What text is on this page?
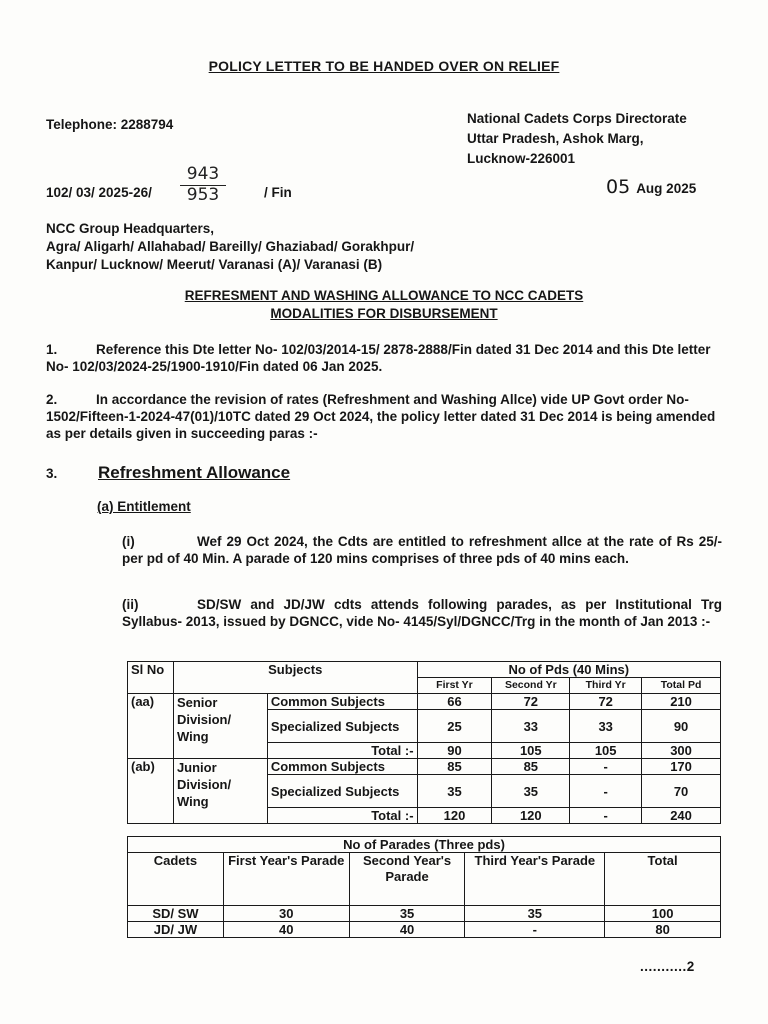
POLICY LETTER TO BE HANDED OVER ON RELIEF
Telephone: 2288794	National Cadets Corps Directorate
Uttar Pradesh, Ashok Marg,
Lucknow-226001
102/ 03/ $2025-26/ \frac{943}{953}$	/ Fin	05 Aug 2025
NCC Group Headquarters,
Agra/ Aligarh/ Allahabad/ Bareilly/ Ghaziabad/ Gorakhpur/
Kanpur/ Lucknow/ Meerut/ Varanasi (A)/ Varanasi (B)
REFRESMENT AND WASHING ALLOWANCE TO NCC CADETS
MODALITIES FOR DISBURSEMENT
1.	Reference this Dte letter No- 102/03/2014-15/ 2878-2888/Fin dated 31 Dec 2014 and this Dte letter No- 102/03/2024-25/1900-1910/Fin dated 06 Jan 2025.
2.	In accordance the revision of rates (Refreshment and Washing Allce) vide UP Govt order No- 1502/Fifteen-1-2024-47(01)/10TC dated 29 Oct 2024, the policy letter dated 31 Dec 2014 is being amended as per details given in succeeding paras :-
3. Refreshment Allowance
(a) Entitlement
(i)	Wef 29 Oct 2024, the Cdts are entitled to refreshment allce at the rate of Rs 25/- per pd of 40 Min. A parade of 120 mins comprises of three pds of 40 mins each.
(ii)	SD/SW and JD/JW cdts attends following parades, as per Institutional Trg Syllabus- 2013, issued by DGNCC, vide No- 4145/Syl/DGNCC/Trg in the month of Jan 2013 :-
Sl No	Subjects		No of Pds (40 Mins)			
			First Yr	Second Yr	Third Yr	Total Pd
(aa)	Senior Division/ Wing	Common Subjects	66	72	72	210
		Specialized Subjects	25	33	33	90
		Total :-	90	105	105	300
(ab)	Junior Division/ Wing	Common Subjects	85	85	-	170
		Specialized Subjects	35	35	-	70
		Total :-	120	120	-	240
No of Parades (Three pds)				
Cadets	First Year's Parade	Second Year's Parade	Third Year's Parade	Total
SD/ SW	30	35	35	100
JD/ JW	40	40	-	80
...........2
